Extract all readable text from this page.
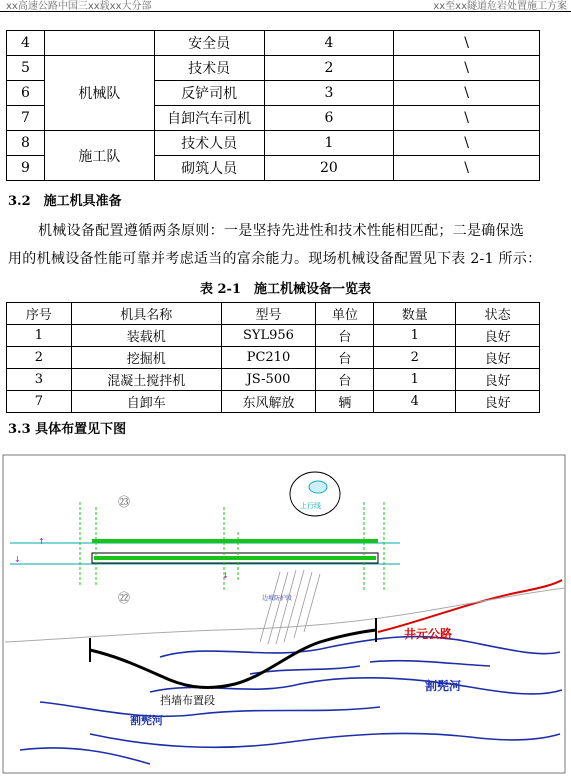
xx高速公路中国三xx载xx大分部	xx至xx隧道危岩处置施工方案
4		安全员	4	\
5	机械队	技术员	2	\
6		反铲司机	3	\
7		自卸汽车司机	6	\
8	施工队	技术人员	1	\
9		砌筑人员	20	\
3.2　施工机具准备
机械设备配置遵循两条原则：一是坚持先进性和技术性能相匹配；二是确保选
用的机械设备性能可靠并考虑适当的富余能力。现场机械设备配置见下表 2-1 所示：
表 2-1　施工机械设备一览表
序号	机具名称	型号	单位	数量	状态
1	装载机	SYL956	台	1	良好
2	挖掘机	PC210	台	2	良好
3	混凝土搅拌机	JS-500	台	1	良好
7	自卸车	东风解放	辆	4	良好
3.3 具体布置见下图
↑
↓
↓
上行线
㉓
㉒	边坡防护段
井元公路
割髡河
割髡河
挡墙布置段
